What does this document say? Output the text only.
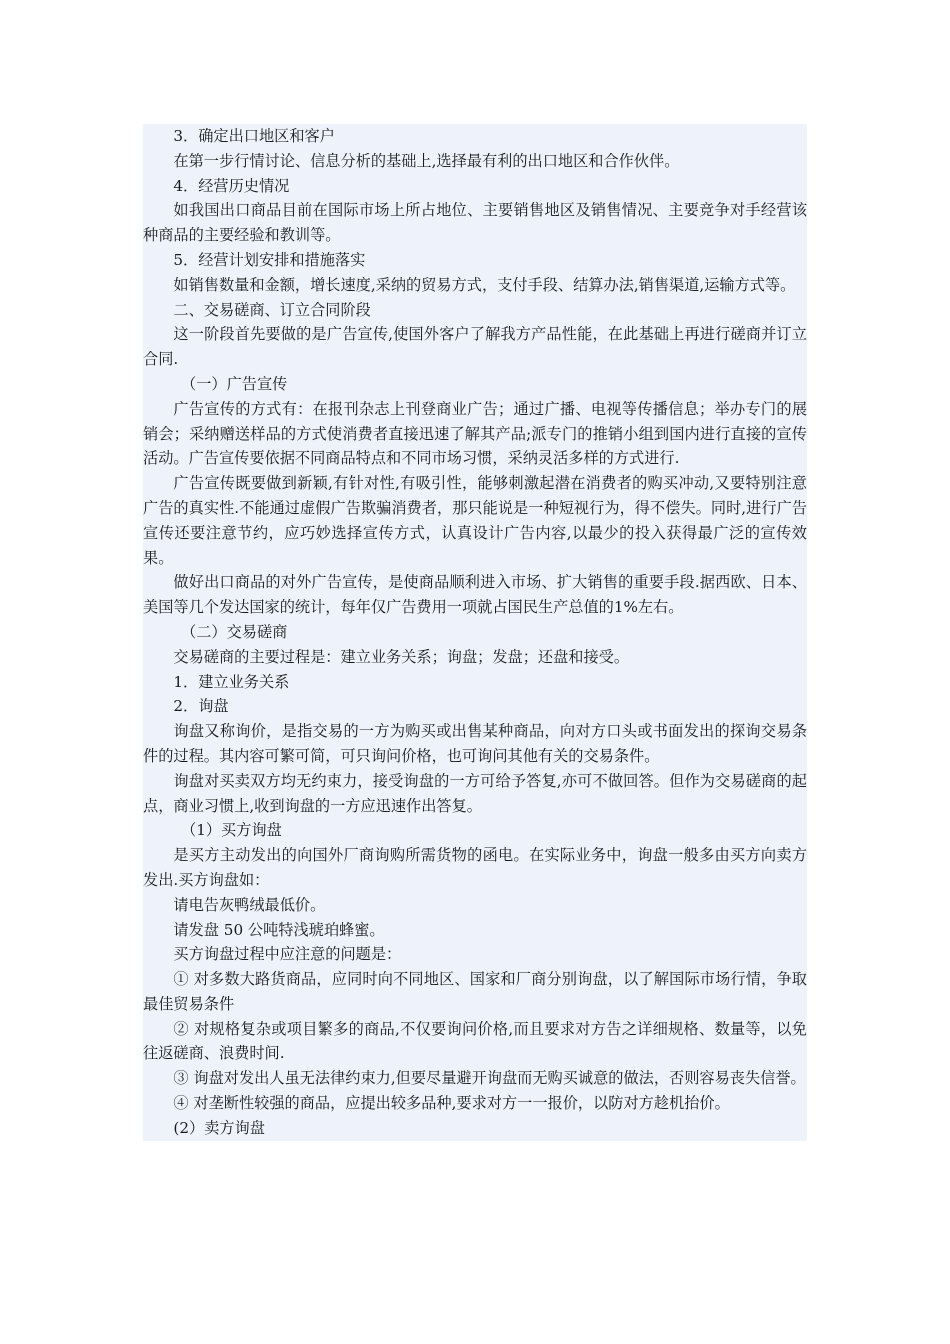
3．确定出口地区和客户

在第一步行情讨论、信息分析的基础上,选择最有利的出口地区和合作伙伴。

4．经营历史情况

如我国出口商品目前在国际市场上所占地位、主要销售地区及销售情况、主要竞争对手经营该种商品的主要经验和教训等。

5．经营计划安排和措施落实

如销售数量和金额，增长速度,采纳的贸易方式，支付手段、结算办法,销售渠道,运输方式等。

二、交易磋商、订立合同阶段

这一阶段首先要做的是广告宣传,使国外客户了解我方产品性能，在此基础上再进行磋商并订立合同.

（一）广告宣传

广告宣传的方式有：在报刊杂志上刊登商业广告；通过广播、电视等传播信息；举办专门的展销会；采纳赠送样品的方式使消费者直接迅速了解其产品;派专门的推销小组到国内进行直接的宣传活动。广告宣传要依据不同商品特点和不同市场习惯，采纳灵活多样的方式进行.

广告宣传既要做到新颖,有针对性,有吸引性，能够刺激起潜在消费者的购买冲动,又要特别注意广告的真实性.不能通过虚假广告欺骗消费者，那只能说是一种短视行为，得不偿失。同时,进行广告宣传还要注意节约，应巧妙选择宣传方式，认真设计广告内容,以最少的投入获得最广泛的宣传效果。

做好出口商品的对外广告宣传，是使商品顺利进入市场、扩大销售的重要手段.据西欧、日本、美国等几个发达国家的统计，每年仅广告费用一项就占国民生产总值的1%左右。

（二）交易磋商

交易磋商的主要过程是：建立业务关系；询盘；发盘；还盘和接受。

1．建立业务关系

2．询盘

询盘又称询价，是指交易的一方为购买或出售某种商品，向对方口头或书面发出的探询交易条件的过程。其内容可繁可简，可只询问价格，也可询问其他有关的交易条件。

询盘对买卖双方均无约束力，接受询盘的一方可给予答复,亦可不做回答。但作为交易磋商的起点，商业习惯上,收到询盘的一方应迅速作出答复。

（1）买方询盘

是买方主动发出的向国外厂商询购所需货物的函电。在实际业务中，询盘一般多由买方向卖方发出.买方询盘如：

请电告灰鸭绒最低价。

请发盘 50 公吨特浅琥珀蜂蜜。

买方询盘过程中应注意的问题是：

① 对多数大路货商品，应同时向不同地区、国家和厂商分别询盘，以了解国际市场行情，争取最佳贸易条件

② 对规格复杂或项目繁多的商品,不仅要询问价格,而且要求对方告之详细规格、数量等，以免往返磋商、浪费时间.

③ 询盘对发出人虽无法律约束力,但要尽量避开询盘而无购买诚意的做法，否则容易丧失信誉。

④ 对垄断性较强的商品，应提出较多品种,要求对方一一报价，以防对方趁机抬价。

(2）卖方询盘
